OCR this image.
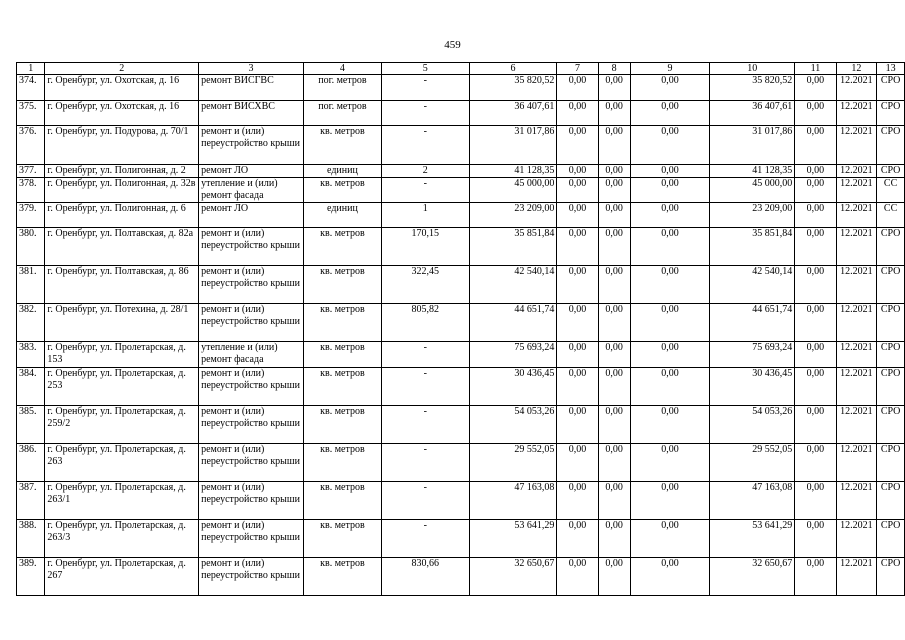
459
1	2	3	4	5	6	7	8	9	10	11	12	13
374.	г. Оренбург, ул. Охотская, д. 16	ремонт ВИСГВС	пог. метров	-	35 820,52	0,00	0,00	0,00	35 820,52	0,00	12.2021	СРО
375.	г. Оренбург, ул. Охотская, д. 16	ремонт ВИСХВС	пог. метров	-	36 407,61	0,00	0,00	0,00	36 407,61	0,00	12.2021	СРО
376.	г. Оренбург, ул. Подурова, д. 70/1	ремонт и (или) переустройство крыши	кв. метров	-	31 017,86	0,00	0,00	0,00	31 017,86	0,00	12.2021	СРО
377.	г. Оренбург, ул. Полигонная, д. 2	ремонт ЛО	единиц	2	41 128,35	0,00	0,00	0,00	41 128,35	0,00	12.2021	СРО
378.	г. Оренбург, ул. Полигонная, д. 32в	утепление и (или) ремонт фасада	кв. метров	-	45 000,00	0,00	0,00	0,00	45 000,00	0,00	12.2021	СС
379.	г. Оренбург, ул. Полигонная, д. 6	ремонт ЛО	единиц	1	23 209,00	0,00	0,00	0,00	23 209,00	0,00	12.2021	СС
380.	г. Оренбург, ул. Полтавская, д. 82а	ремонт и (или) переустройство крыши	кв. метров	170,15	35 851,84	0,00	0,00	0,00	35 851,84	0,00	12.2021	СРО
381.	г. Оренбург, ул. Полтавская, д. 86	ремонт и (или) переустройство крыши	кв. метров	322,45	42 540,14	0,00	0,00	0,00	42 540,14	0,00	12.2021	СРО
382.	г. Оренбург, ул. Потехина, д. 28/1	ремонт и (или) переустройство крыши	кв. метров	805,82	44 651,74	0,00	0,00	0,00	44 651,74	0,00	12.2021	СРО
383.	г. Оренбург, ул. Пролетарская, д. 153	утепление и (или) ремонт фасада	кв. метров	-	75 693,24	0,00	0,00	0,00	75 693,24	0,00	12.2021	СРО
384.	г. Оренбург, ул. Пролетарская, д. 253	ремонт и (или) переустройство крыши	кв. метров	-	30 436,45	0,00	0,00	0,00	30 436,45	0,00	12.2021	СРО
385.	г. Оренбург, ул. Пролетарская, д. 259/2	ремонт и (или) переустройство крыши	кв. метров	-	54 053,26	0,00	0,00	0,00	54 053,26	0,00	12.2021	СРО
386.	г. Оренбург, ул. Пролетарская, д. 263	ремонт и (или) переустройство крыши	кв. метров	-	29 552,05	0,00	0,00	0,00	29 552,05	0,00	12.2021	СРО
387.	г. Оренбург, ул. Пролетарская, д. 263/1	ремонт и (или) переустройство крыши	кв. метров	-	47 163,08	0,00	0,00	0,00	47 163,08	0,00	12.2021	СРО
388.	г. Оренбург, ул. Пролетарская, д. 263/3	ремонт и (или) переустройство крыши	кв. метров	-	53 641,29	0,00	0,00	0,00	53 641,29	0,00	12.2021	СРО
389.	г. Оренбург, ул. Пролетарская, д. 267	ремонт и (или) переустройство крыши	кв. метров	830,66	32 650,67	0,00	0,00	0,00	32 650,67	0,00	12.2021	СРО
